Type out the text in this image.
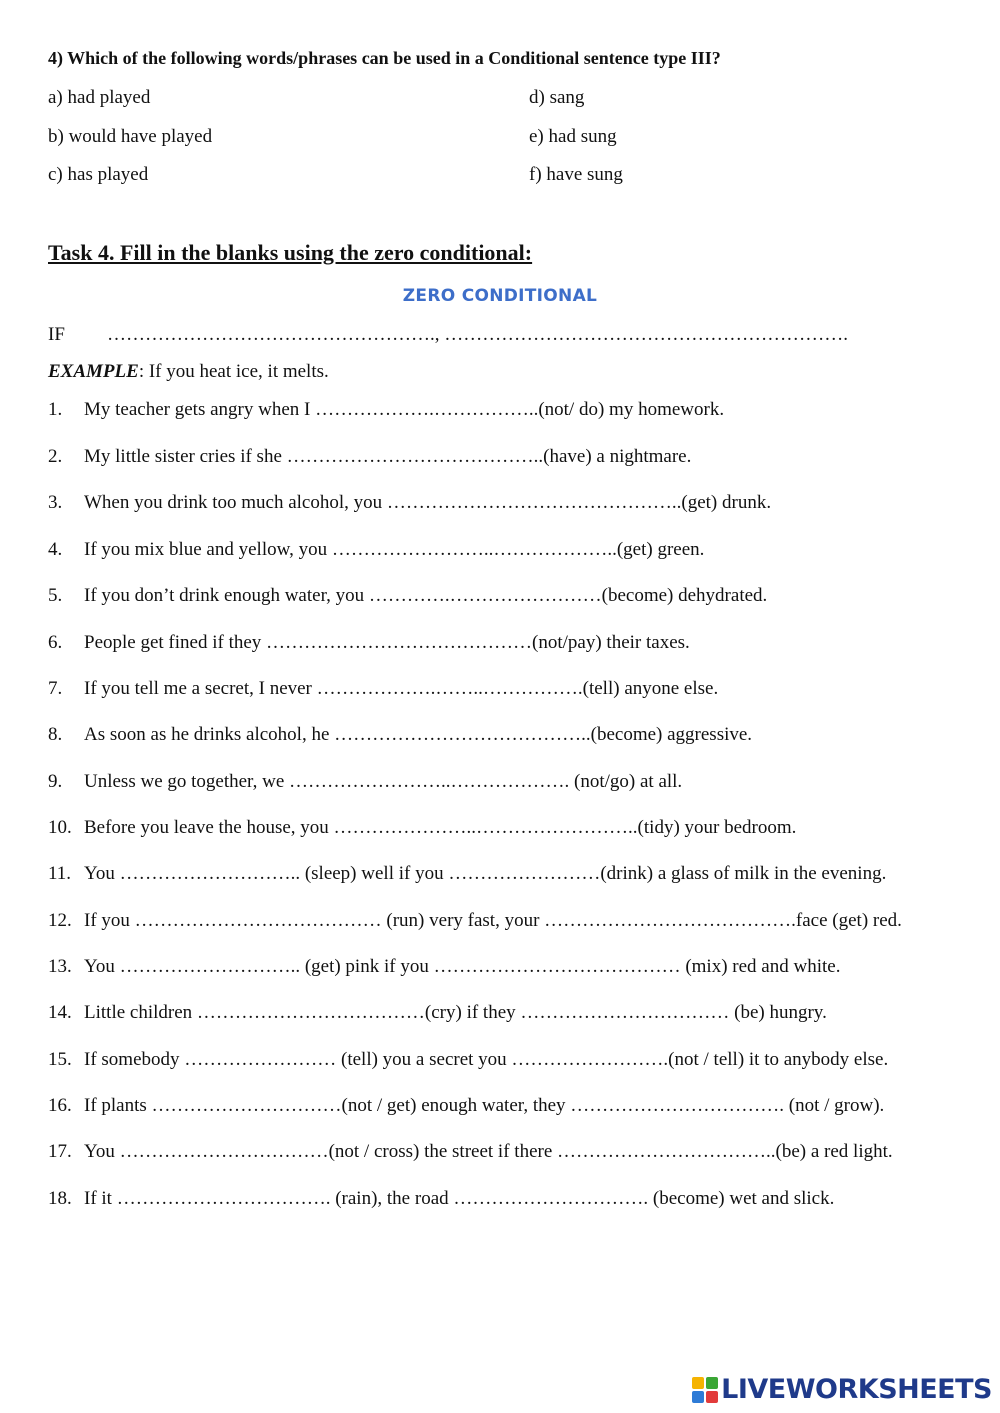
4) Which of the following words/phrases can be used in a Conditional sentence type III?
a) had played
b) would have played
c) has played
d) sang
e) had sung
f) have sung
Task 4. Fill in the blanks using the zero conditional:
ZERO CONDITIONAL
IF ……………………………………………., ……………………………………………………….
EXAMPLE: If you heat ice, it melts.
1. My teacher gets angry when I ……………….……………..(not/ do) my homework.
2. My little sister cries if she …………………………………..(have) a nightmare.
3. When you drink too much alcohol, you ………………………………………..(get) drunk.
4. If you mix blue and yellow, you ……………………..………………..(get) green.
5. If you don’t drink enough water, you ………….……………………(become) dehydrated.
6. People get fined if they ……………………………………(not/pay) their taxes.
7. If you tell me a secret, I never ……………….……..…………….(tell) anyone else.
8. As soon as he drinks alcohol, he …………………………………..(become) aggressive.
9. Unless we go together, we ……………………..………………. (not/go) at all.
10. Before you leave the house, you …………………..……………………..(tidy) your bedroom.
11. You ……………………….. (sleep) well if you ……………………(drink) a glass of milk in the evening.
12. If you ………………………………… (run) very fast, your ………………………………….face (get) red.
13. You ……………………….. (get) pink if you ………………………………… (mix) red and white.
14. Little children ………………………………(cry) if they …………………………… (be) hungry.
15. If somebody …………………… (tell) you a secret you …………………….(not / tell) it to anybody else.
16. If plants …………………………(not / get) enough water, they ……………………………. (not / grow).
17. You ……………………………(not / cross) the street if there ……………………………..(be) a red light.
18. If it ……………………………. (rain), the road …………………………. (become) wet and slick.
LIVEWORKSHEETS
